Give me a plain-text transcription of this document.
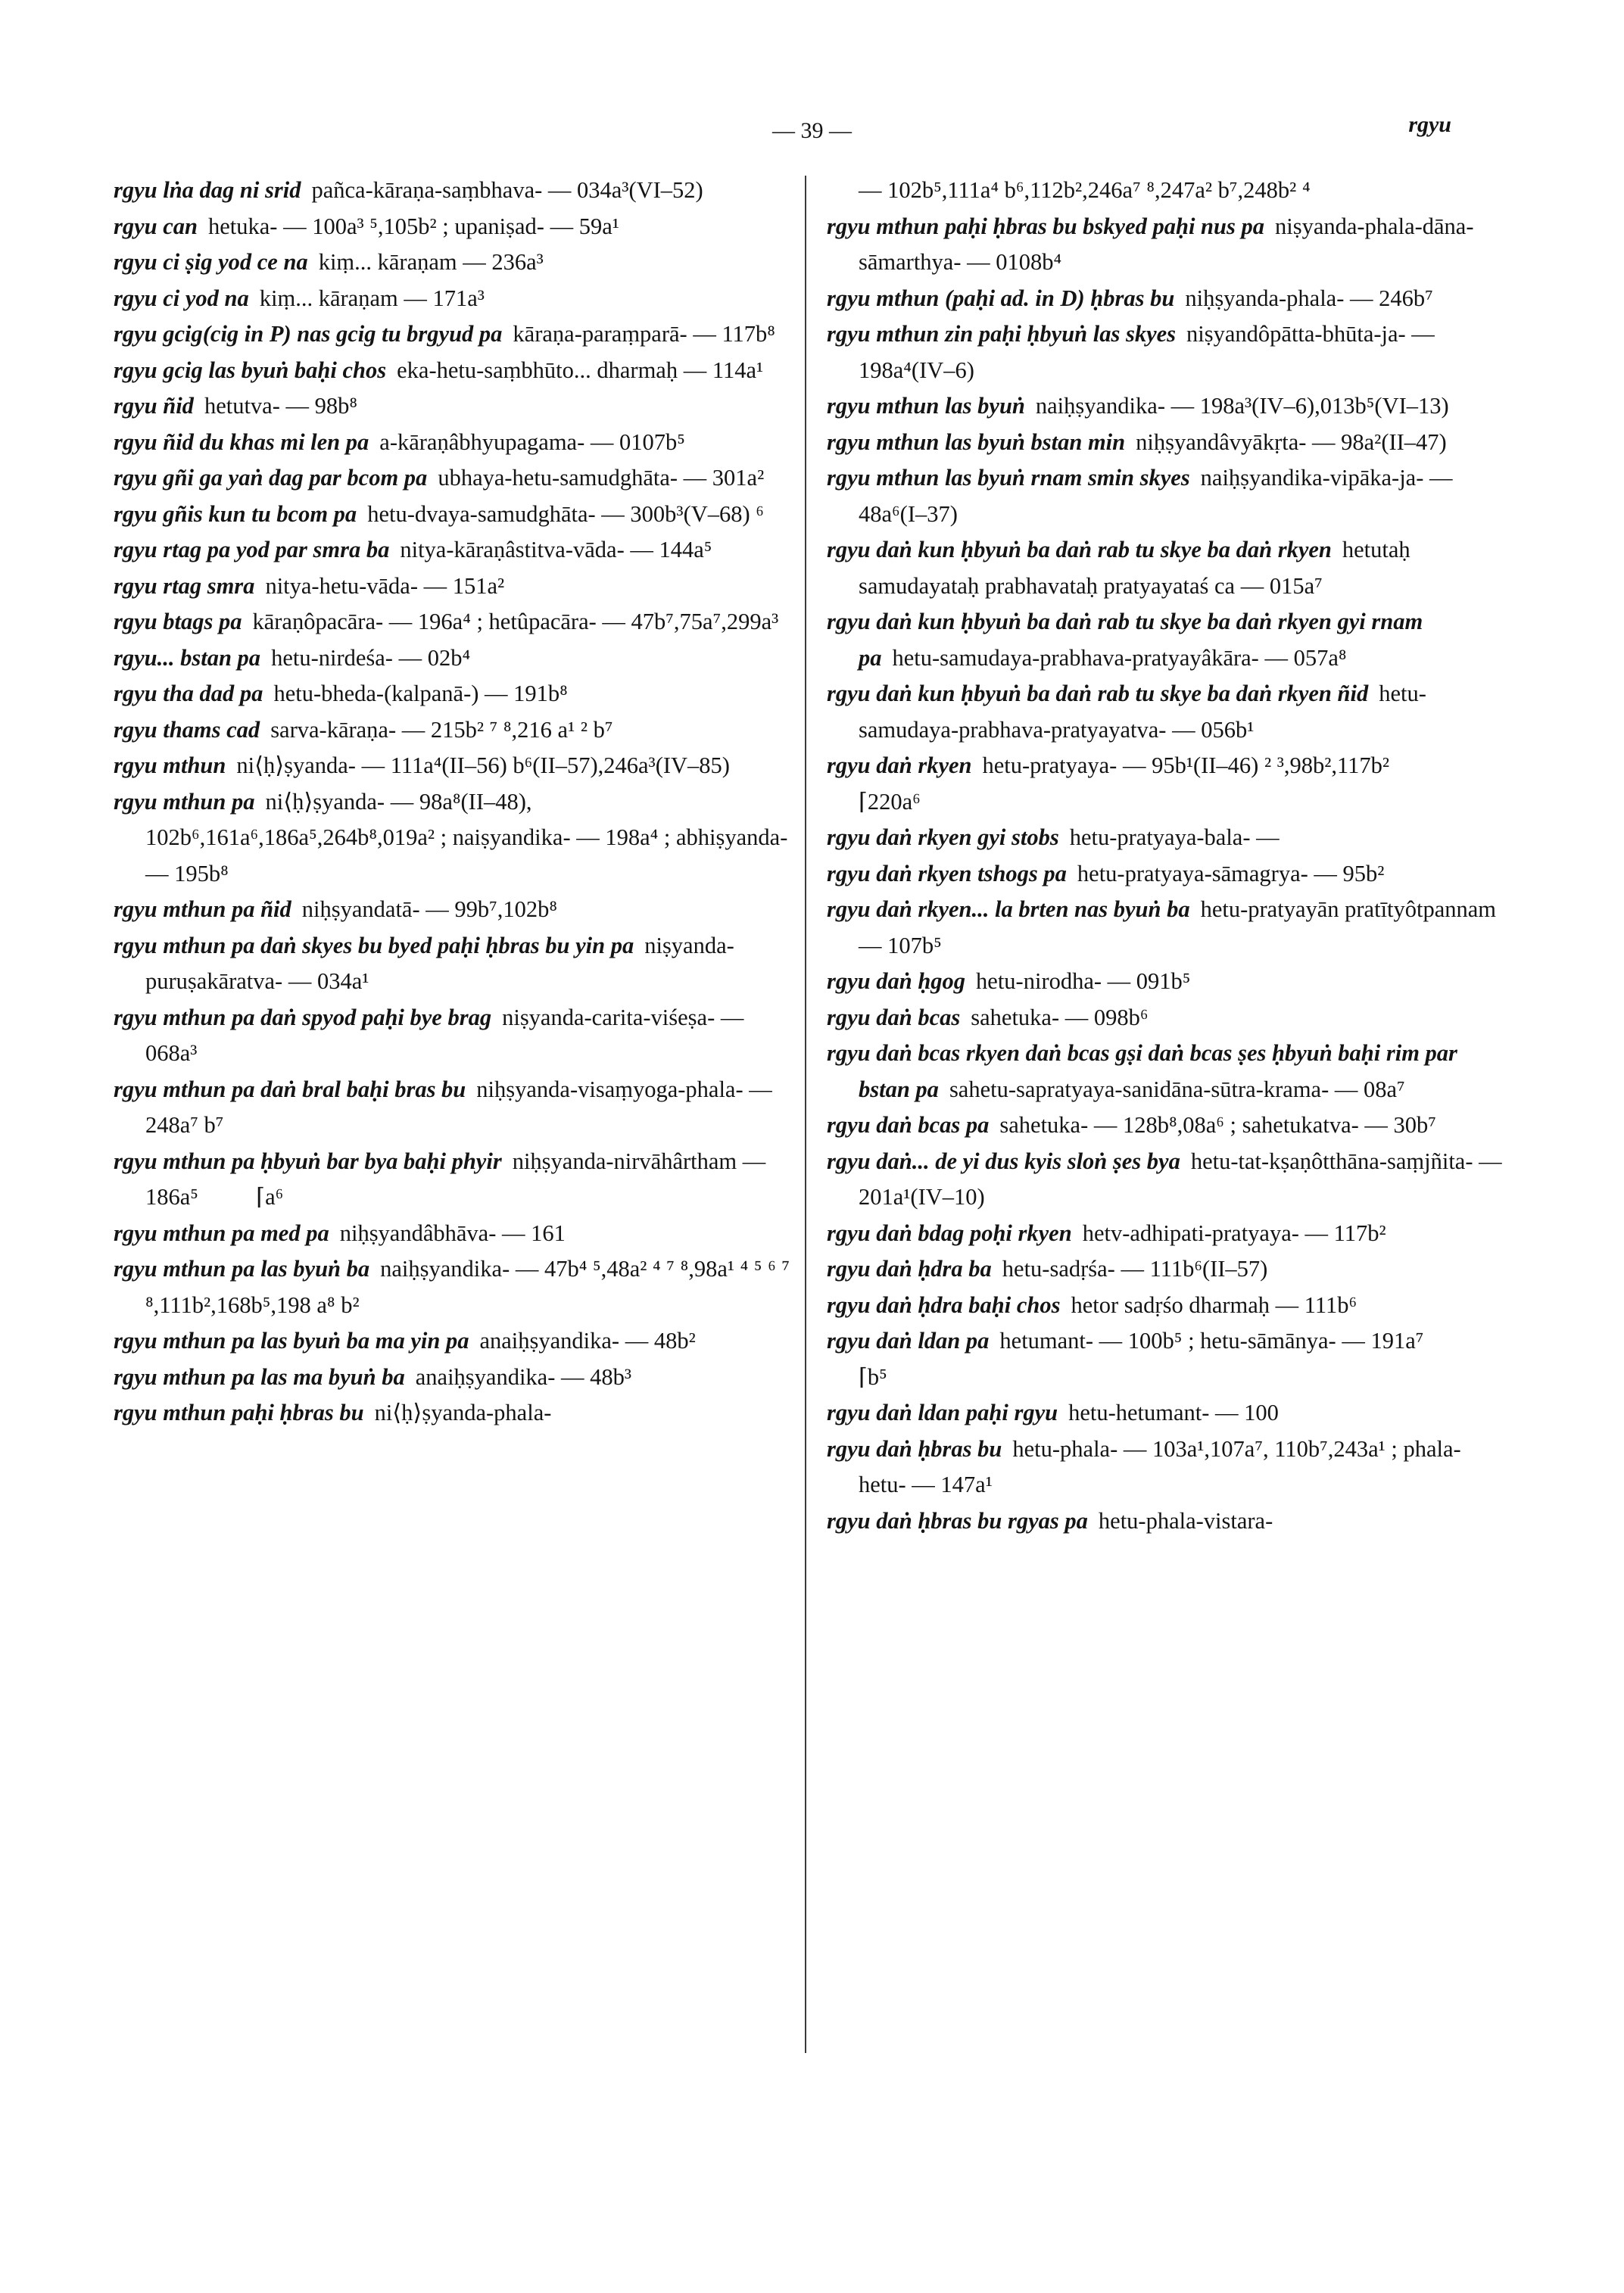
— 39 —	rgyu

rgyu lṅa dag ni srid pañca-kāraṇa-saṃbhava- — 034a³(VI–52)

rgyu can hetuka- — 100a³ ⁵,105b² ; upaniṣad- — 59a¹

rgyu ci ṣig yod ce na kiṃ... kāraṇam — 236a³

rgyu ci yod na kiṃ... kāraṇam — 171a³

rgyu gcig(cig in P) nas gcig tu brgyud pa kāraṇa-paraṃparā- — 117b⁸

rgyu gcig las byuṅ baḥi chos eka-hetu-saṃbhūto... dharmaḥ — 114a¹

rgyu ñid hetutva- — 98b⁸

rgyu ñid du khas mi len pa a-kāraṇâbhyupagama- — 0107b⁵

rgyu gñi ga yaṅ dag par bcom pa ubhaya-hetu-samudghāta- — 301a²

rgyu gñis kun tu bcom pa hetu-dvaya-samudghāta- — 300b³(V–68) ⁶

rgyu rtag pa yod par smra ba nitya-kāraṇâstitva-vāda- — 144a⁵

rgyu rtag smra nitya-hetu-vāda- — 151a²

rgyu btags pa kāraṇôpacāra- — 196a⁴ ; hetûpacāra- — 47b⁷,75a⁷,299a³

rgyu... bstan pa hetu-nirdeśa- — 02b⁴

rgyu tha dad pa hetu-bheda-(kalpanā-) — 191b⁸

rgyu thams cad sarva-kāraṇa- — 215b² ⁷ ⁸,216 a¹ ² b⁷

rgyu mthun ni⟨ḥ⟩ṣyanda- — 111a⁴(II–56) b⁶(II–57),246a³(IV–85)

rgyu mthun pa ni⟨ḥ⟩ṣyanda- — 98a⁸(II–48), 102b⁶,161a⁶,186a⁵,264b⁸,019a² ; naiṣyandika- — 198a⁴ ; abhiṣyanda- — 195b⁸

rgyu mthun pa ñid niḥṣyandatā- — 99b⁷,102b⁸

rgyu mthun pa daṅ skyes bu byed paḥi ḥbras bu yin pa niṣyanda-puruṣakāratva- — 034a¹

rgyu mthun pa daṅ spyod paḥi bye brag niṣyanda-carita-viśeṣa- — 068a³

rgyu mthun pa daṅ bral baḥi bras bu niḥṣyanda-visaṃyoga-phala- — 248a⁷ b⁷

rgyu mthun pa ḥbyuṅ bar bya baḥi phyir niḥṣyanda-nirvāhârtham — 186a⁵          ⌈a⁶

rgyu mthun pa med pa niḥṣyandâbhāva- — 161

rgyu mthun pa las byuṅ ba naiḥṣyandika- — 47b⁴ ⁵,48a² ⁴ ⁷ ⁸,98a¹ ⁴ ⁵ ⁶ ⁷ ⁸,111b²,168b⁵,198 a⁸ b²

rgyu mthun pa las byuṅ ba ma yin pa anaiḥṣyandika- — 48b²

rgyu mthun pa las ma byuṅ ba anaiḥṣyandika- — 48b³

rgyu mthun paḥi ḥbras bu ni⟨ḥ⟩ṣyanda-phala-

— 102b⁵,111a⁴ b⁶,112b²,246a⁷ ⁸,247a² b⁷,248b² ⁴

rgyu mthun paḥi ḥbras bu bskyed paḥi nus pa niṣyanda-phala-dāna-sāmarthya- — 0108b⁴

rgyu mthun (paḥi ad. in D) ḥbras bu niḥṣyanda-phala- — 246b⁷

rgyu mthun zin paḥi ḥbyuṅ las skyes niṣyandôpātta-bhūta-ja- — 198a⁴(IV–6)

rgyu mthun las byuṅ naiḥṣyandika- — 198a³(IV–6),013b⁵(VI–13)

rgyu mthun las byuṅ bstan min niḥṣyandâvyākṛta- — 98a²(II–47)

rgyu mthun las byuṅ rnam smin skyes naiḥṣyandika-vipāka-ja- — 48a⁶(I–37)

rgyu daṅ kun ḥbyuṅ ba daṅ rab tu skye ba daṅ rkyen hetutaḥ samudayataḥ prabhavataḥ pratyayataś ca — 015a⁷

rgyu daṅ kun ḥbyuṅ ba daṅ rab tu skye ba daṅ rkyen gyi rnam pa hetu-samudaya-prabhava-pratyayâkāra- — 057a⁸

rgyu daṅ kun ḥbyuṅ ba daṅ rab tu skye ba daṅ rkyen ñid hetu-samudaya-prabhava-pratyayatva- — 056b¹

rgyu daṅ rkyen hetu-pratyaya- — 95b¹(II–46) ² ³,98b²,117b²          ⌈220a⁶

rgyu daṅ rkyen gyi stobs hetu-pratyaya-bala- —

rgyu daṅ rkyen tshogs pa hetu-pratyaya-sāmagrya- — 95b²

rgyu daṅ rkyen... la brten nas byuṅ ba hetu-pratyayān pratītyôtpannam — 107b⁵

rgyu daṅ ḥgog hetu-nirodha- — 091b⁵

rgyu daṅ bcas sahetuka- — 098b⁶

rgyu daṅ bcas rkyen daṅ bcas gṣi daṅ bcas ṣes ḥbyuṅ baḥi rim par bstan pa sahetu-sapratyaya-sanidāna-sūtra-krama- — 08a⁷

rgyu daṅ bcas pa sahetuka- — 128b⁸,08a⁶ ; sahetukatva- — 30b⁷

rgyu daṅ... de yi dus kyis sloṅ ṣes bya hetu-tat-kṣaṇôtthāna-saṃjñita- — 201a¹(IV–10)

rgyu daṅ bdag poḥi rkyen hetv-adhipati-pratyaya- — 117b²

rgyu daṅ ḥdra ba hetu-sadṛśa- — 111b⁶(II–57)

rgyu daṅ ḥdra baḥi chos hetor sadṛśo dharmaḥ — 111b⁶

rgyu daṅ ldan pa hetumant- — 100b⁵ ; hetu-sāmānya- — 191a⁷          ⌈b⁵

rgyu daṅ ldan paḥi rgyu hetu-hetumant- — 100

rgyu daṅ ḥbras bu hetu-phala- — 103a¹,107a⁷, 110b⁷,243a¹ ; phala-hetu- — 147a¹

rgyu daṅ ḥbras bu rgyas pa hetu-phala-vistara-
